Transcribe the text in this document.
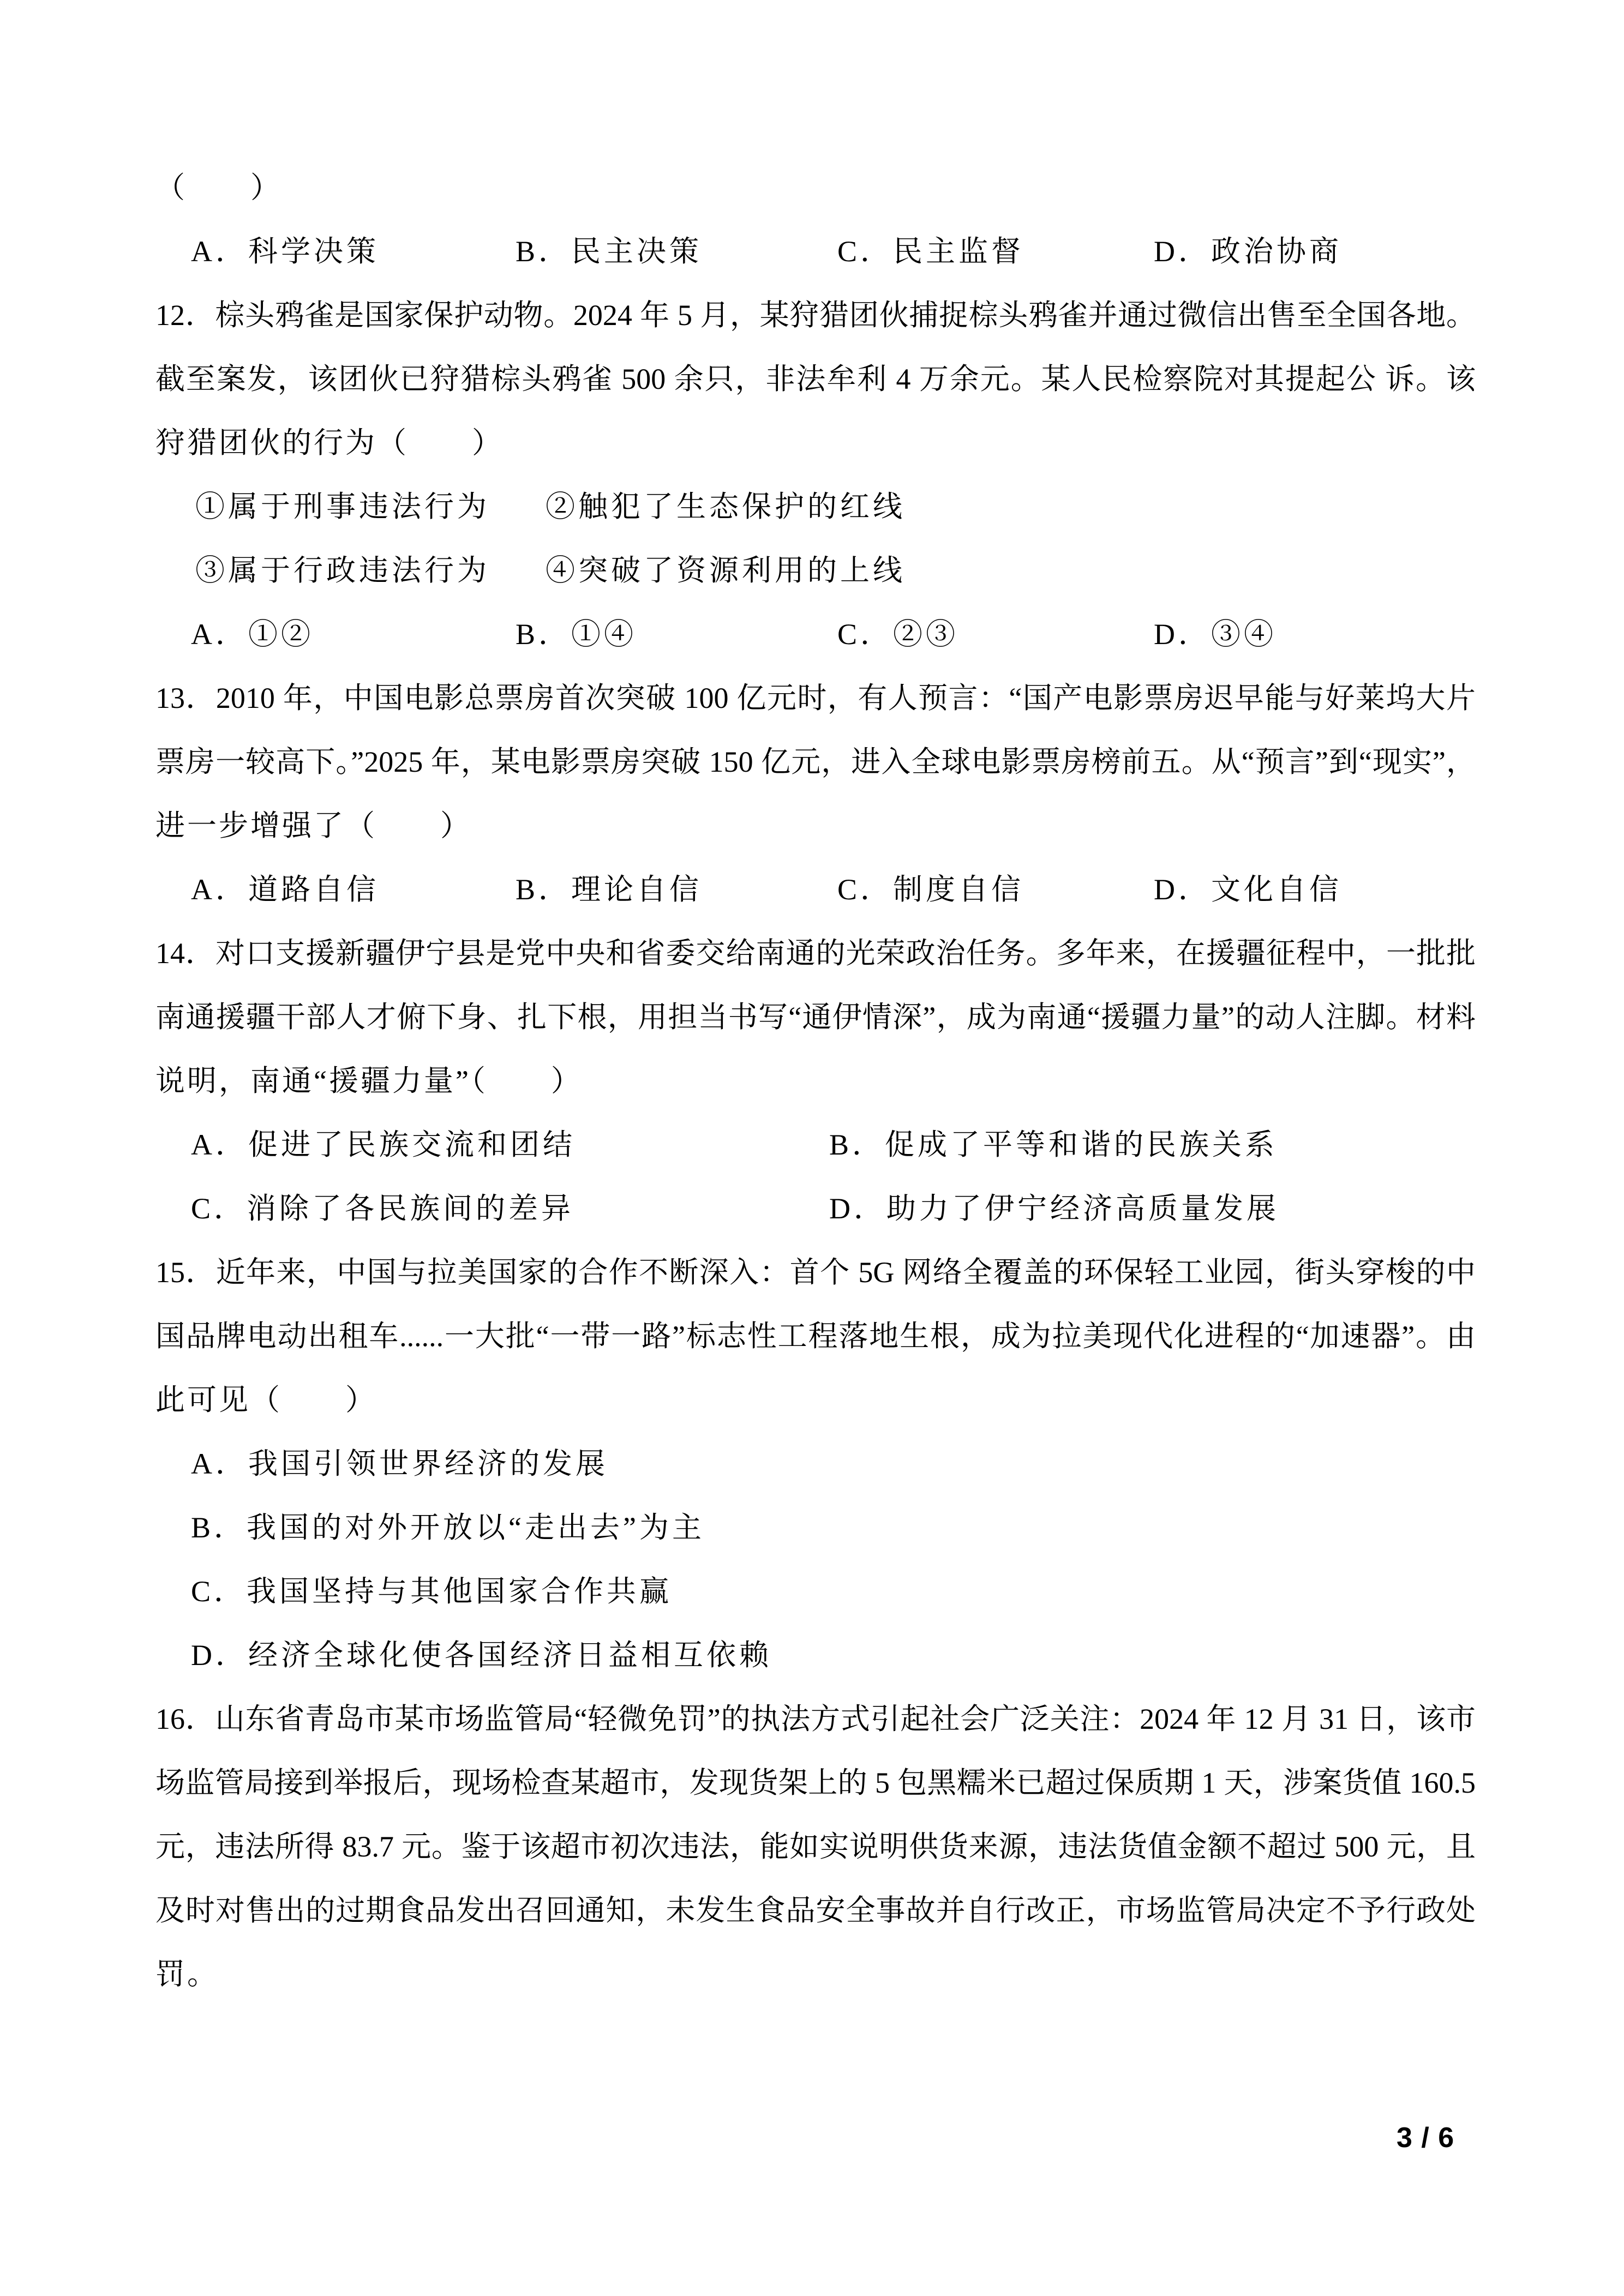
（　　）
A．科学决策	B．民主决策	C．民主监督	D．政治协商
12．棕头鸦雀是国家保护动物。2024 年 5 月，某狩猎团伙捕捉棕头鸦雀并通过微信出售至全国各地。
截至案发，该团伙已狩猎棕头鸦雀 500 余只，非法牟利 4 万余元。某人民检察院对其提起公 诉。该
狩猎团伙的行为（　　）
①属于刑事违法行为 ②触犯了生态保护的红线
③属于行政违法行为 ④突破了资源利用的上线
A．①②	B．①④	C．②③	D．③④
13．2010 年，中国电影总票房首次突破 100 亿元时，有人预言：“国产电影票房迟早能与好莱坞大片
票房一较高下。”2025 年，某电影票房突破 150 亿元，进入全球电影票房榜前五。从“预言”到“现实”，
进一步增强了（　　）
A．道路自信	B．理论自信	C．制度自信	D．文化自信
14．对口支援新疆伊宁县是党中央和省委交给南通的光荣政治任务。多年来，在援疆征程中，一批批
南通援疆干部人才俯下身、扎下根，用担当书写“通伊情深”，成为南通“援疆力量”的动人注脚。材料
说明，南通“援疆力量”（　　）
A．促进了民族交流和团结	B．促成了平等和谐的民族关系
C．消除了各民族间的差异	D．助力了伊宁经济高质量发展
15．近年来，中国与拉美国家的合作不断深入：首个 5G 网络全覆盖的环保轻工业园，街头穿梭的中
国品牌电动出租车......一大批“一带一路”标志性工程落地生根，成为拉美现代化进程的“加速器”。由
此可见（　　）
A．我国引领世界经济的发展
B．我国的对外开放以“走出去”为主
C．我国坚持与其他国家合作共赢
D．经济全球化使各国经济日益相互依赖
16．山东省青岛市某市场监管局“轻微免罚”的执法方式引起社会广泛关注：2024 年 12 月 31 日，该市
场监管局接到举报后，现场检查某超市，发现货架上的 5 包黑糯米已超过保质期 1 天，涉案货值 160.5
元，违法所得 83.7 元。鉴于该超市初次违法，能如实说明供货来源，违法货值金额不超过 500 元，且
及时对售出的过期食品发出召回通知，未发生食品安全事故并自行改正，市场监管局决定不予行政处
罚。
3 / 6
